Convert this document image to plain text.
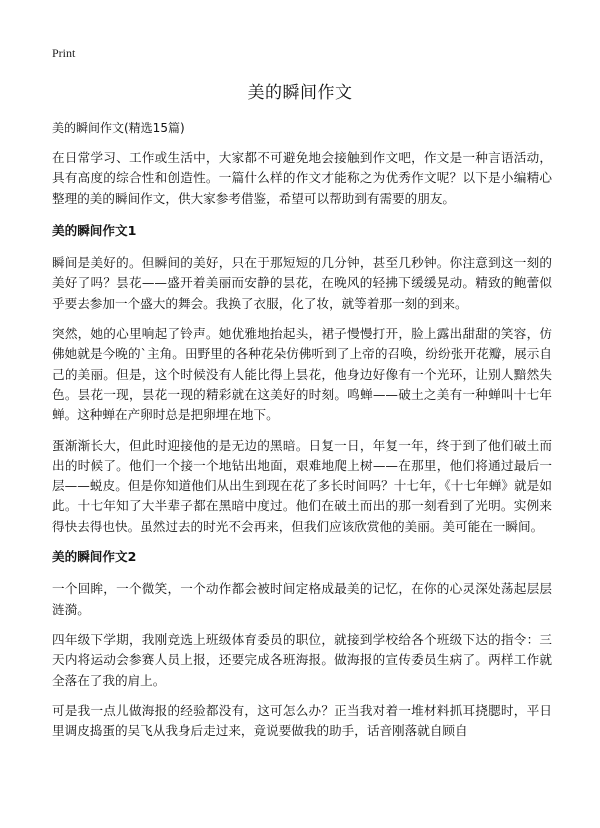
Print
美的瞬间作文
美的瞬间作文(精选15篇)

在日常学习、工作或生活中，大家都不可避免地会接触到作文吧，作文是一种言语活动，具有高度的综合性和创造性。一篇什么样的作文才能称之为优秀作文呢？以下是小编精心整理的美的瞬间作文，供大家参考借鉴，希望可以帮助到有需要的朋友。

美的瞬间作文1

瞬间是美好的。但瞬间的美好，只在于那短短的几分钟，甚至几秒钟。你注意到这一刻的美好了吗？昙花——盛开着美丽而安静的昙花，在晚风的轻拂下缓缓晃动。精致的鲍蕾似乎要去参加一个盛大的舞会。我换了衣服，化了妆，就等着那一刻的到来。

突然，她的心里响起了铃声。她优雅地抬起头，裙子慢慢打开，脸上露出甜甜的笑容，仿佛她就是今晚的`主角。田野里的各种花朵仿佛听到了上帝的召唤，纷纷张开花瓣，展示自己的美丽。但是，这个时候没有人能比得上昙花，他身边好像有一个光环，让别人黯然失色。昙花一现，昙花一现的精彩就在这美好的时刻。鸣蝉——破土之美有一种蝉叫十七年蝉。这种蝉在产卵时总是把卵埋在地下。

蛋渐渐长大，但此时迎接他的是无边的黑暗。日复一日，年复一年，终于到了他们破土而出的时候了。他们一个接一个地钻出地面，艰难地爬上树——在那里，他们将通过最后一层——蜕皮。但是你知道他们从出生到现在花了多长时间吗？十七年，《十七年蝉》就是如此。十七年知了大半辈子都在黑暗中度过。他们在破土而出的那一刻看到了光明。实例来得快去得也快。虽然过去的时光不会再来，但我们应该欣赏他的美丽。美可能在一瞬间。

美的瞬间作文2

一个回眸，一个微笑，一个动作都会被时间定格成最美的记忆，在你的心灵深处荡起层层涟漪。

四年级下学期，我刚竞选上班级体育委员的职位，就接到学校给各个班级下达的指令：三天内将运动会参赛人员上报，还要完成各班海报。做海报的宣传委员生病了。两样工作就全落在了我的肩上。

可是我一点儿做海报的经验都没有，这可怎么办？正当我对着一堆材料抓耳挠腮时，平日里调皮捣蛋的吴飞从我身后走过来，竟说要做我的助手，话音刚落就自顾自
